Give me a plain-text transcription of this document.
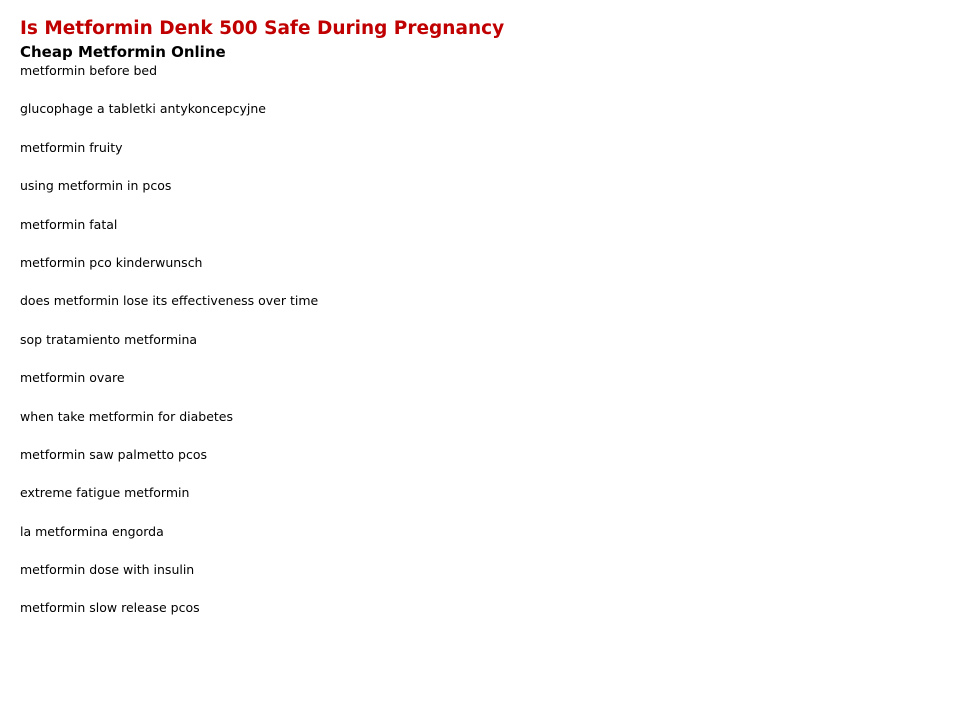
Is Metformin Denk 500 Safe During Pregnancy
Cheap Metformin Online
metformin before bed
glucophage a tabletki antykoncepcyjne
metformin fruity
using metformin in pcos
metformin fatal
metformin pco kinderwunsch
does metformin lose its effectiveness over time
sop tratamiento metformina
metformin ovare
when take metformin for diabetes
metformin saw palmetto pcos
extreme fatigue metformin
la metformina engorda
metformin dose with insulin
metformin slow release pcos
